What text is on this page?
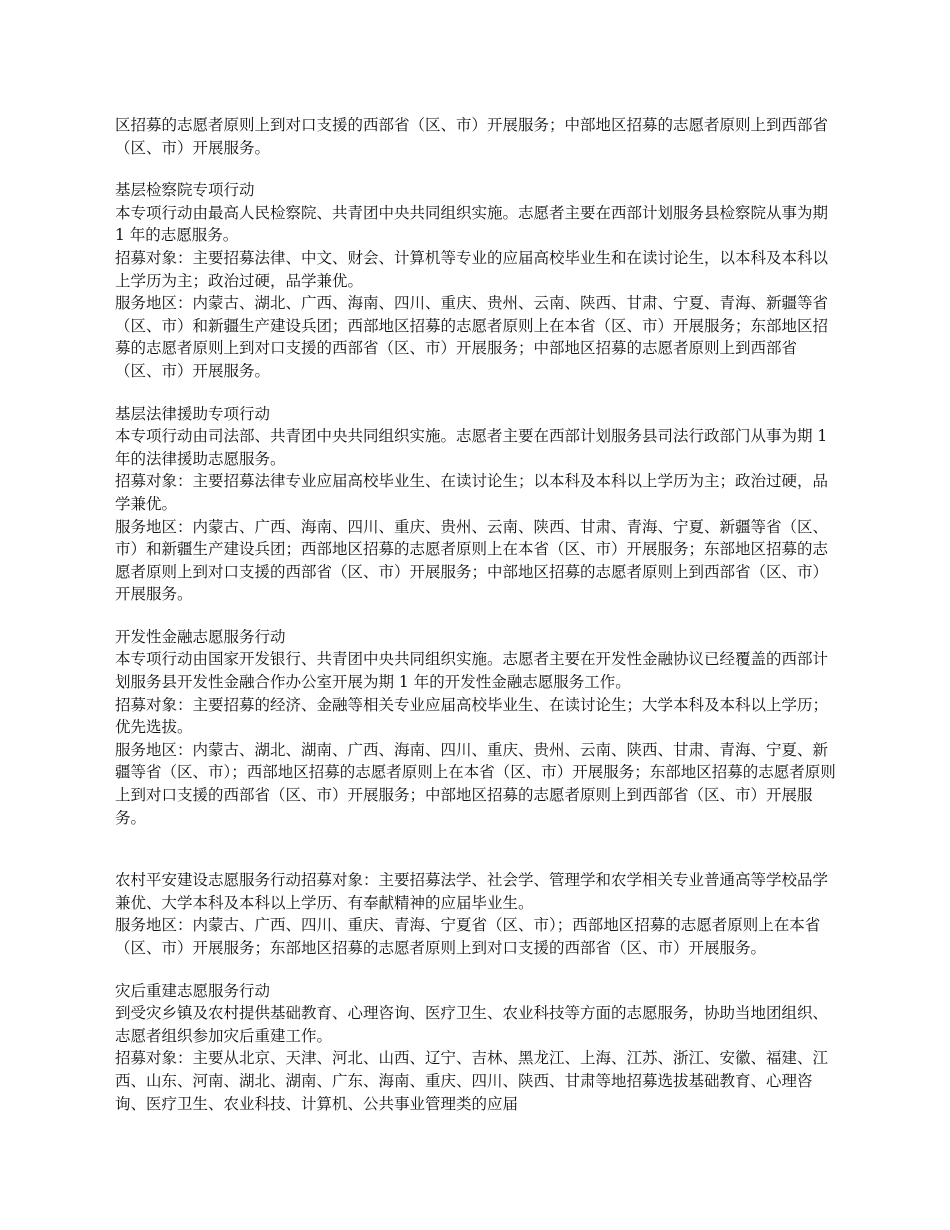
区招募的志愿者原则上到对口支援的西部省（区、市）开展服务；中部地区招募的志愿者原则上到西部省（区、市）开展服务。

基层检察院专项行动

本专项行动由最高人民检察院、共青团中央共同组织实施。志愿者主要在西部计划服务县检察院从事为期 1 年的志愿服务。

招募对象：主要招募法律、中文、财会、计算机等专业的应届高校毕业生和在读讨论生，以本科及本科以上学历为主；政治过硬，品学兼优。

服务地区：内蒙古、湖北、广西、海南、四川、重庆、贵州、云南、陕西、甘肃、宁夏、青海、新疆等省（区、市）和新疆生产建设兵团；西部地区招募的志愿者原则上在本省（区、市）开展服务；东部地区招募的志愿者原则上到对口支援的西部省（区、市）开展服务；中部地区招募的志愿者原则上到西部省（区、市）开展服务。

基层法律援助专项行动

本专项行动由司法部、共青团中央共同组织实施。志愿者主要在西部计划服务县司法行政部门从事为期 1 年的法律援助志愿服务。

招募对象：主要招募法律专业应届高校毕业生、在读讨论生；以本科及本科以上学历为主；政治过硬，品学兼优。

服务地区：内蒙古、广西、海南、四川、重庆、贵州、云南、陕西、甘肃、青海、宁夏、新疆等省（区、市）和新疆生产建设兵团；西部地区招募的志愿者原则上在本省（区、市）开展服务；东部地区招募的志愿者原则上到对口支援的西部省（区、市）开展服务；中部地区招募的志愿者原则上到西部省（区、市）开展服务。

开发性金融志愿服务行动

本专项行动由国家开发银行、共青团中央共同组织实施。志愿者主要在开发性金融协议已经覆盖的西部计划服务县开发性金融合作办公室开展为期 1 年的开发性金融志愿服务工作。

招募对象：主要招募的经济、金融等相关专业应届高校毕业生、在读讨论生；大学本科及本科以上学历；优先选拔。

服务地区：内蒙古、湖北、湖南、广西、海南、四川、重庆、贵州、云南、陕西、甘肃、青海、宁夏、新疆等省（区、市）；西部地区招募的志愿者原则上在本省（区、市）开展服务；东部地区招募的志愿者原则上到对口支援的西部省（区、市）开展服务；中部地区招募的志愿者原则上到西部省（区、市）开展服务。

农村平安建设志愿服务行动招募对象：主要招募法学、社会学、管理学和农学相关专业普通高等学校品学兼优、大学本科及本科以上学历、有奉献精神的应届毕业生。

服务地区：内蒙古、广西、四川、重庆、青海、宁夏省（区、市）；西部地区招募的志愿者原则上在本省（区、市）开展服务；东部地区招募的志愿者原则上到对口支援的西部省（区、市）开展服务。

灾后重建志愿服务行动

到受灾乡镇及农村提供基础教育、心理咨询、医疗卫生、农业科技等方面的志愿服务，协助当地团组织、志愿者组织参加灾后重建工作。

招募对象：主要从北京、天津、河北、山西、辽宁、吉林、黑龙江、上海、江苏、浙江、安徽、福建、江西、山东、河南、湖北、湖南、广东、海南、重庆、四川、陕西、甘肃等地招募选拔基础教育、心理咨询、医疗卫生、农业科技、计算机、公共事业管理类的应届
